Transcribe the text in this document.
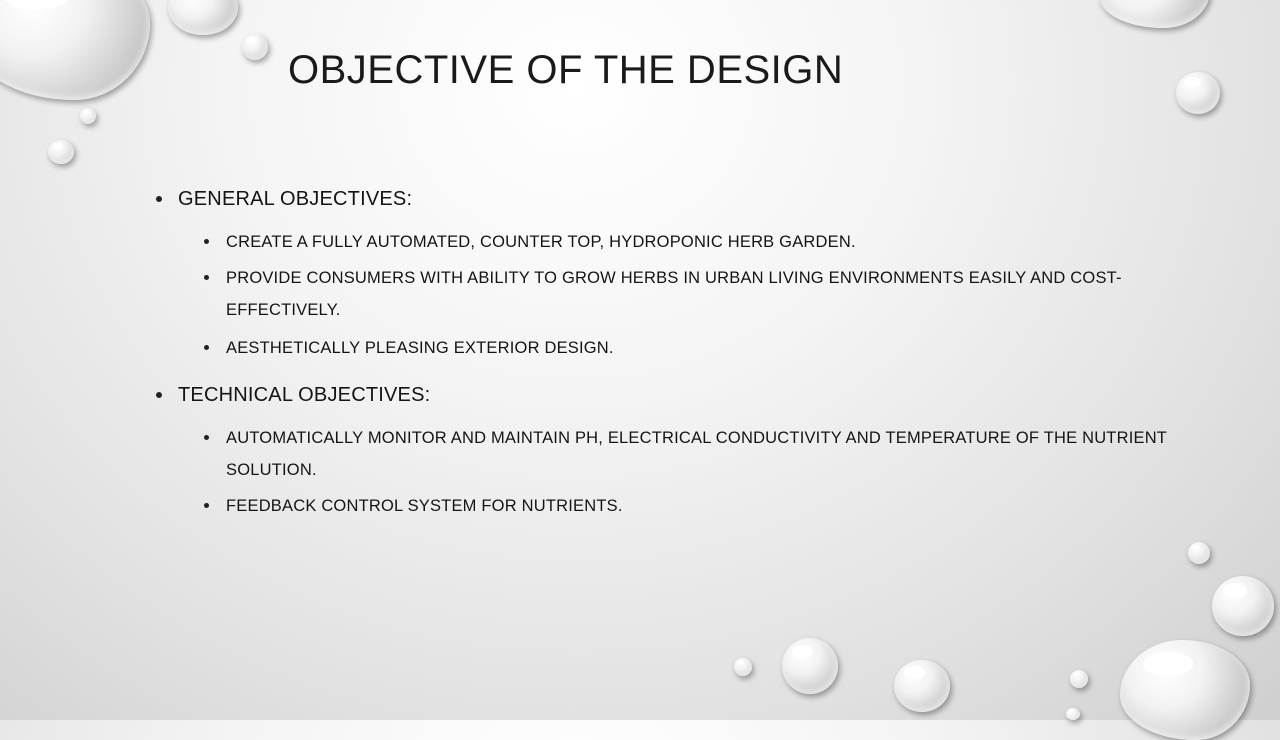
OBJECTIVE OF THE DESIGN
GENERAL OBJECTIVES:
CREATE A FULLY AUTOMATED, COUNTER TOP, HYDROPONIC HERB GARDEN.
PROVIDE CONSUMERS WITH ABILITY TO GROW HERBS IN URBAN LIVING ENVIRONMENTS EASILY AND COST-EFFECTIVELY.
AESTHETICALLY PLEASING EXTERIOR DESIGN.
TECHNICAL OBJECTIVES:
AUTOMATICALLY MONITOR AND MAINTAIN PH, ELECTRICAL CONDUCTIVITY AND TEMPERATURE OF THE NUTRIENT SOLUTION.
FEEDBACK CONTROL SYSTEM FOR NUTRIENTS.
